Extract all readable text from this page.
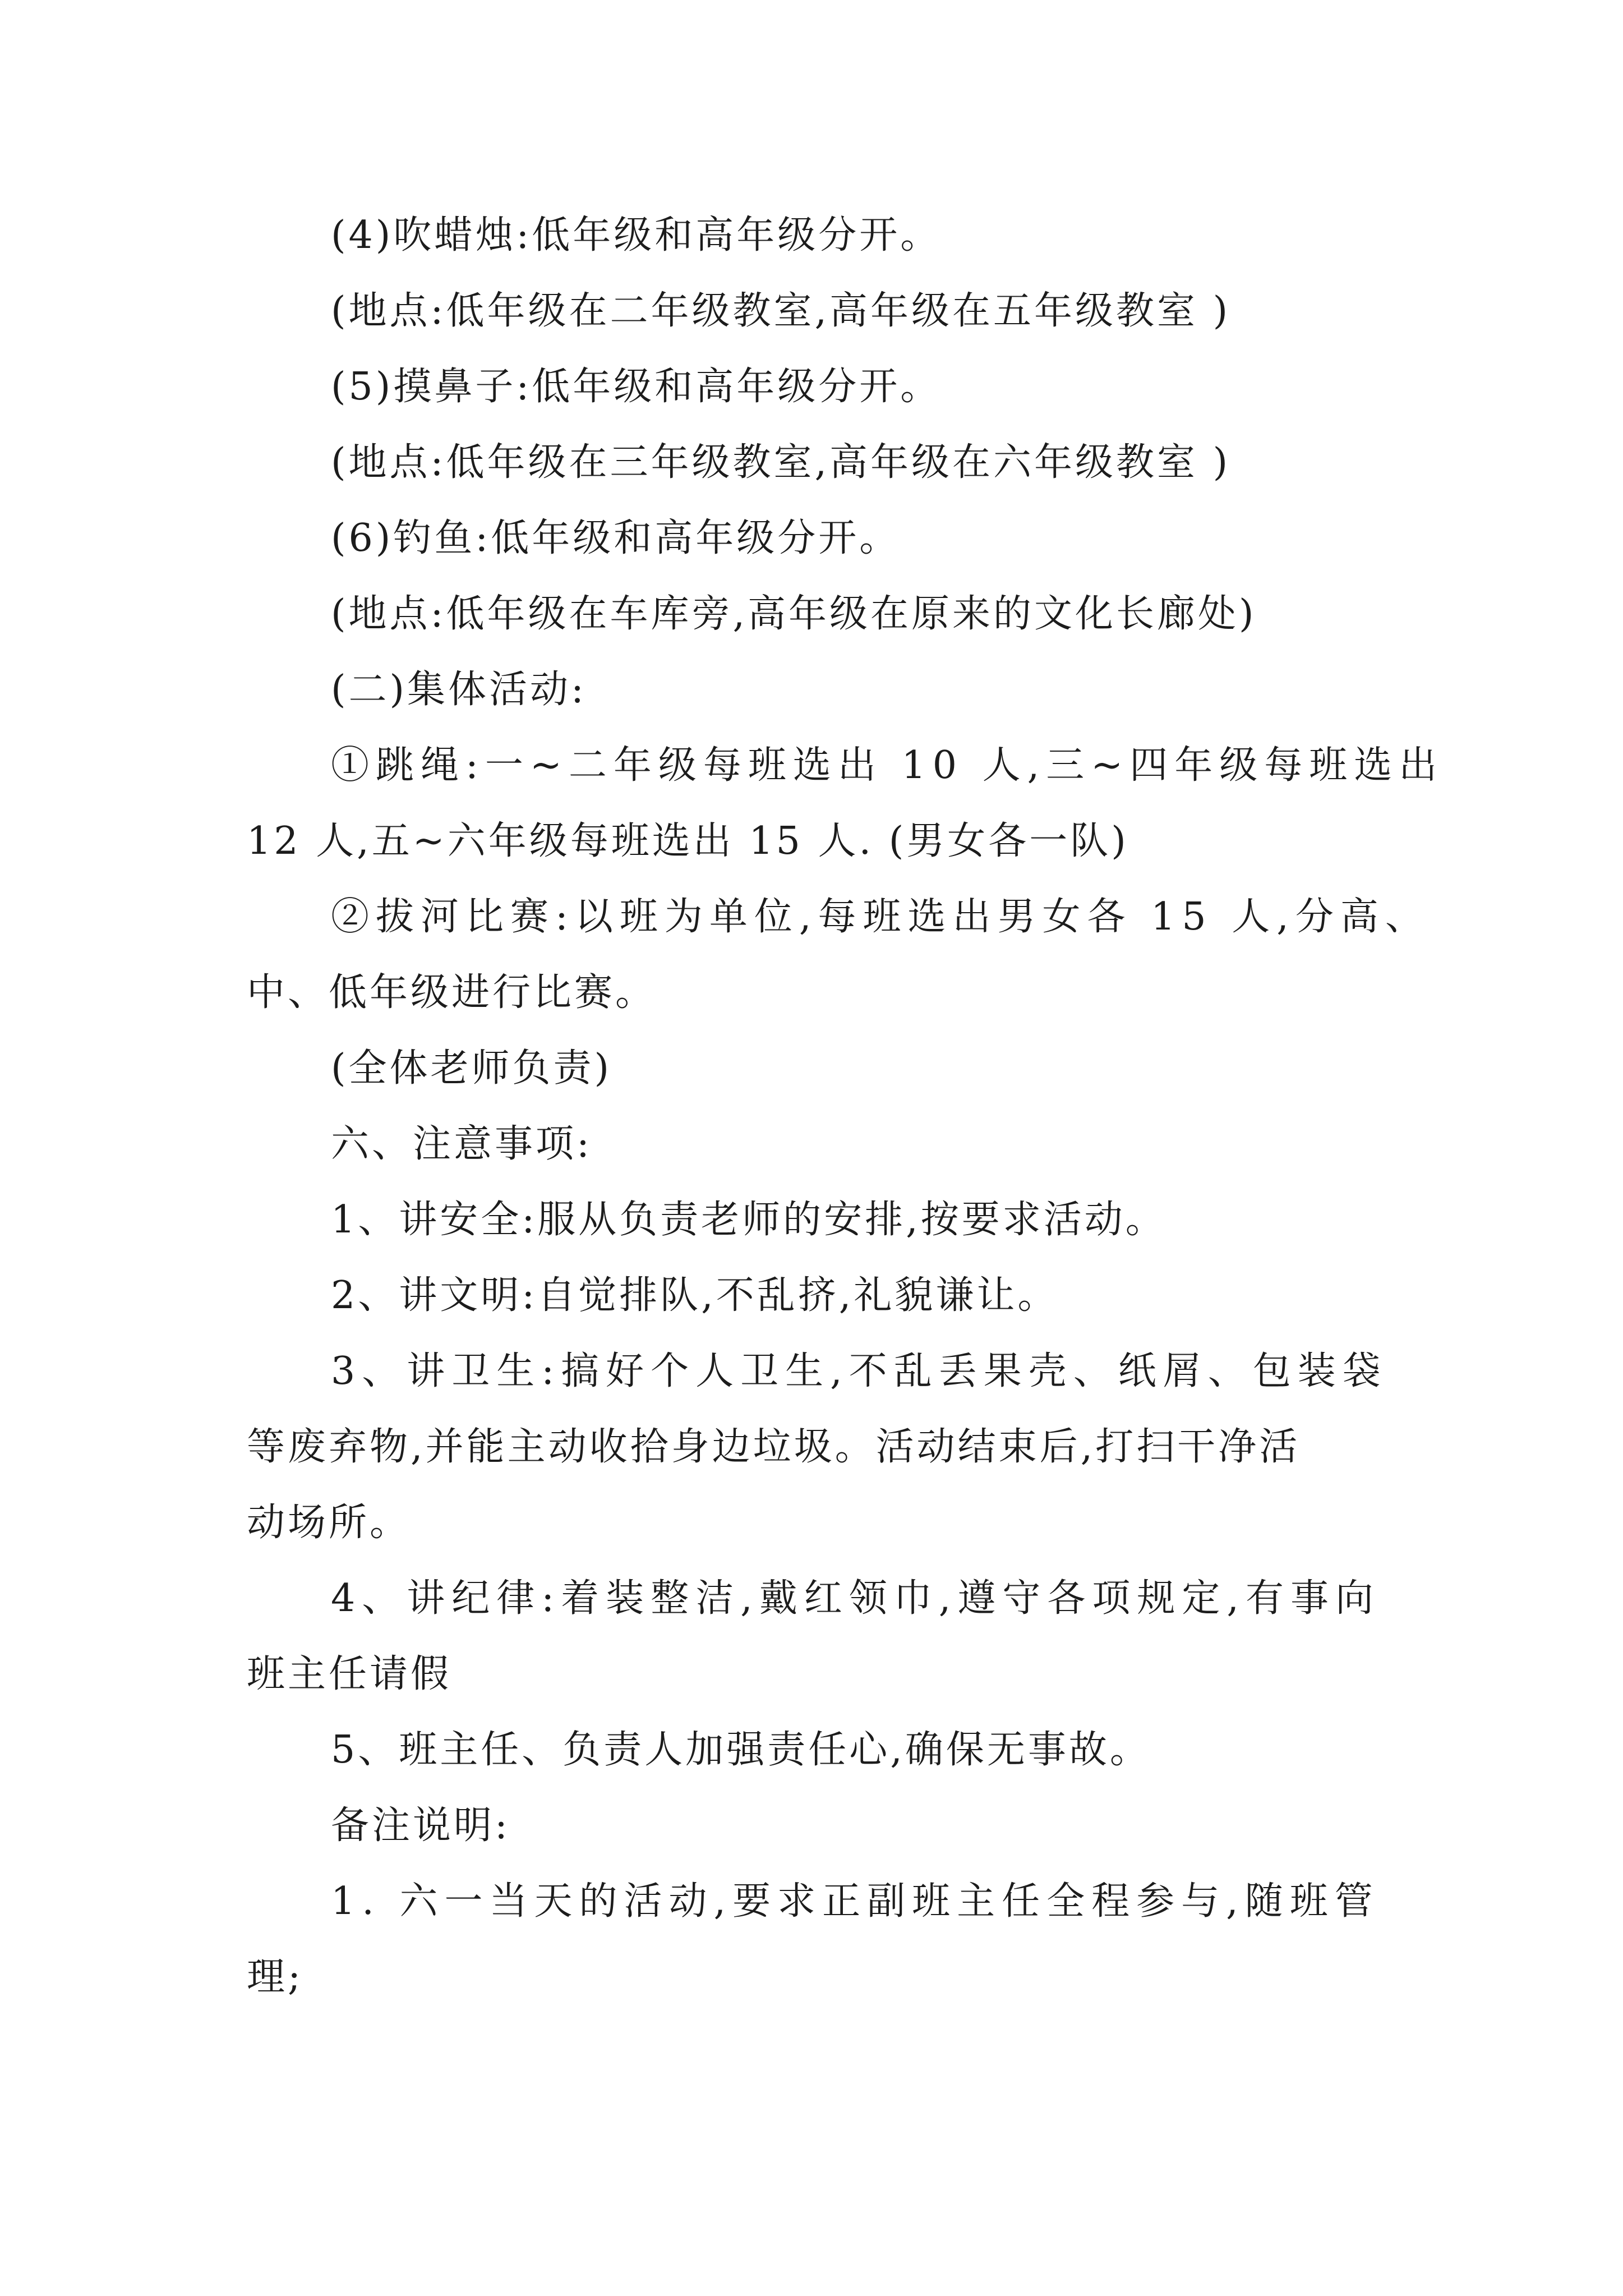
(4)吹蜡烛:低年级和高年级分开。
(地点:低年级在二年级教室,高年级在五年级教室 )
(5)摸鼻子:低年级和高年级分开。
(地点:低年级在三年级教室,高年级在六年级教室 )
(6)钓鱼:低年级和高年级分开。
(地点:低年级在车库旁,高年级在原来的文化长廊处)
(二)集体活动:
①跳绳:一~二年级每班选出 10 人,三~四年级每班选出
12 人,五~六年级每班选出 15 人. (男女各一队)
②拔河比赛:以班为单位,每班选出男女各 15 人,分高、
中、低年级进行比赛。
(全体老师负责)
六、注意事项:
1、讲安全:服从负责老师的安排,按要求活动。
2、讲文明:自觉排队,不乱挤,礼貌谦让。
3、讲卫生:搞好个人卫生,不乱丢果壳、纸屑、包装袋
等废弃物,并能主动收拾身边垃圾。活动结束后,打扫干净活
动场所。
4、讲纪律:着装整洁,戴红领巾,遵守各项规定,有事向
班主任请假
5、班主任、负责人加强责任心,确保无事故。
备注说明:
1. 六一当天的活动,要求正副班主任全程参与,随班管
理;
